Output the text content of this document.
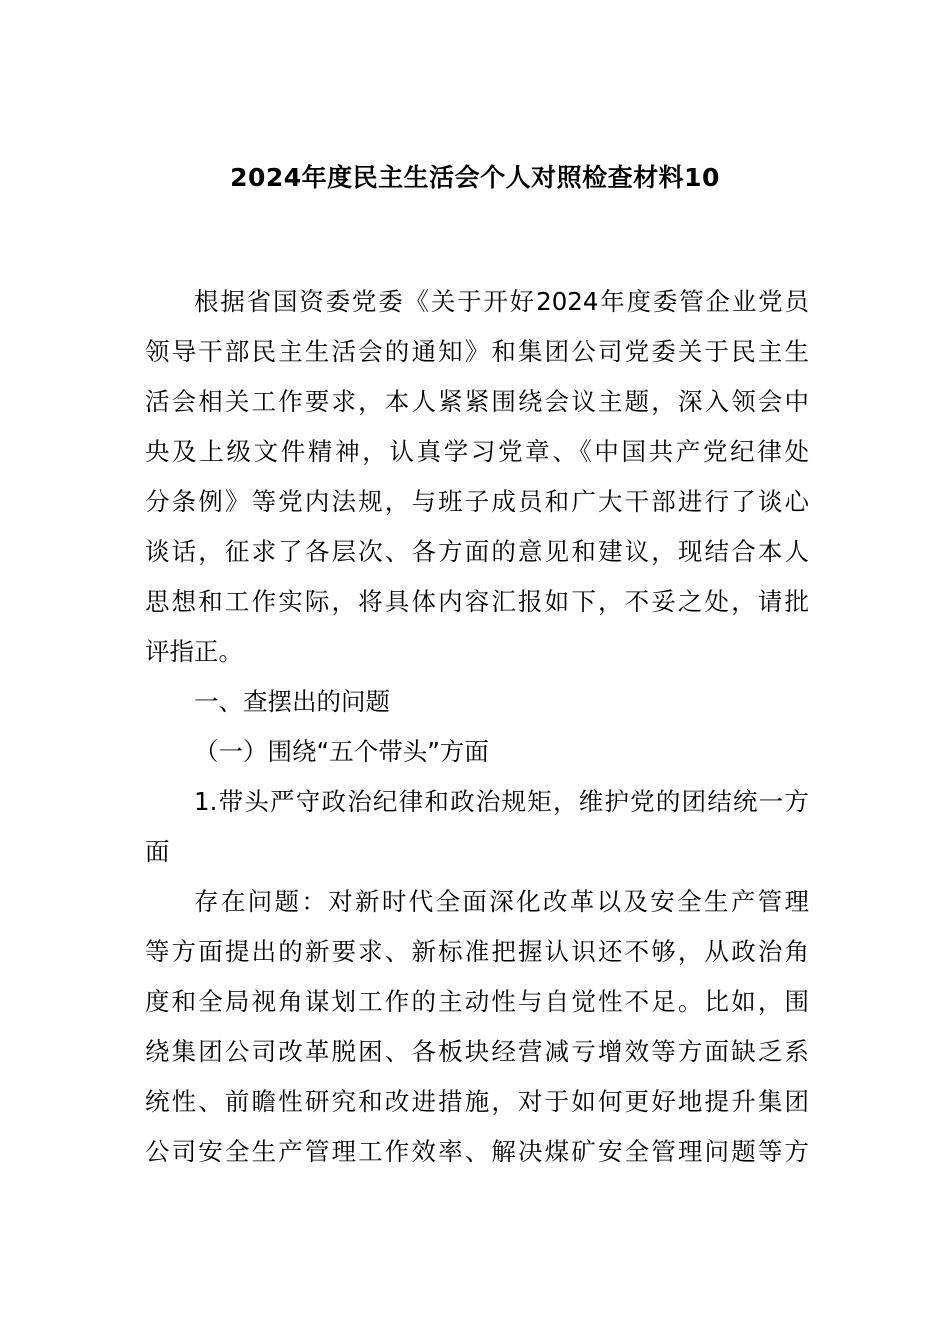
2024年度民主生活会个人对照检查材料10
根据省国资委党委《关于开好2024年度委管企业党员
领导干部民主生活会的通知》和集团公司党委关于民主生
活会相关工作要求，本人紧紧围绕会议主题，深入领会中
央及上级文件精神，认真学习党章、《中国共产党纪律处
分条例》等党内法规，与班子成员和广大干部进行了谈心
谈话，征求了各层次、各方面的意见和建议，现结合本人
思想和工作实际，将具体内容汇报如下，不妥之处，请批
评指正。
一、查摆出的问题
（一）围绕“五个带头”方面
1.带头严守政治纪律和政治规矩，维护党的团结统一方
面
存在问题：对新时代全面深化改革以及安全生产管理
等方面提出的新要求、新标准把握认识还不够，从政治角
度和全局视角谋划工作的主动性与自觉性不足。比如，围
绕集团公司改革脱困、各板块经营减亏增效等方面缺乏系
统性、前瞻性研究和改进措施，对于如何更好地提升集团
公司安全生产管理工作效率、解决煤矿安全管理问题等方
